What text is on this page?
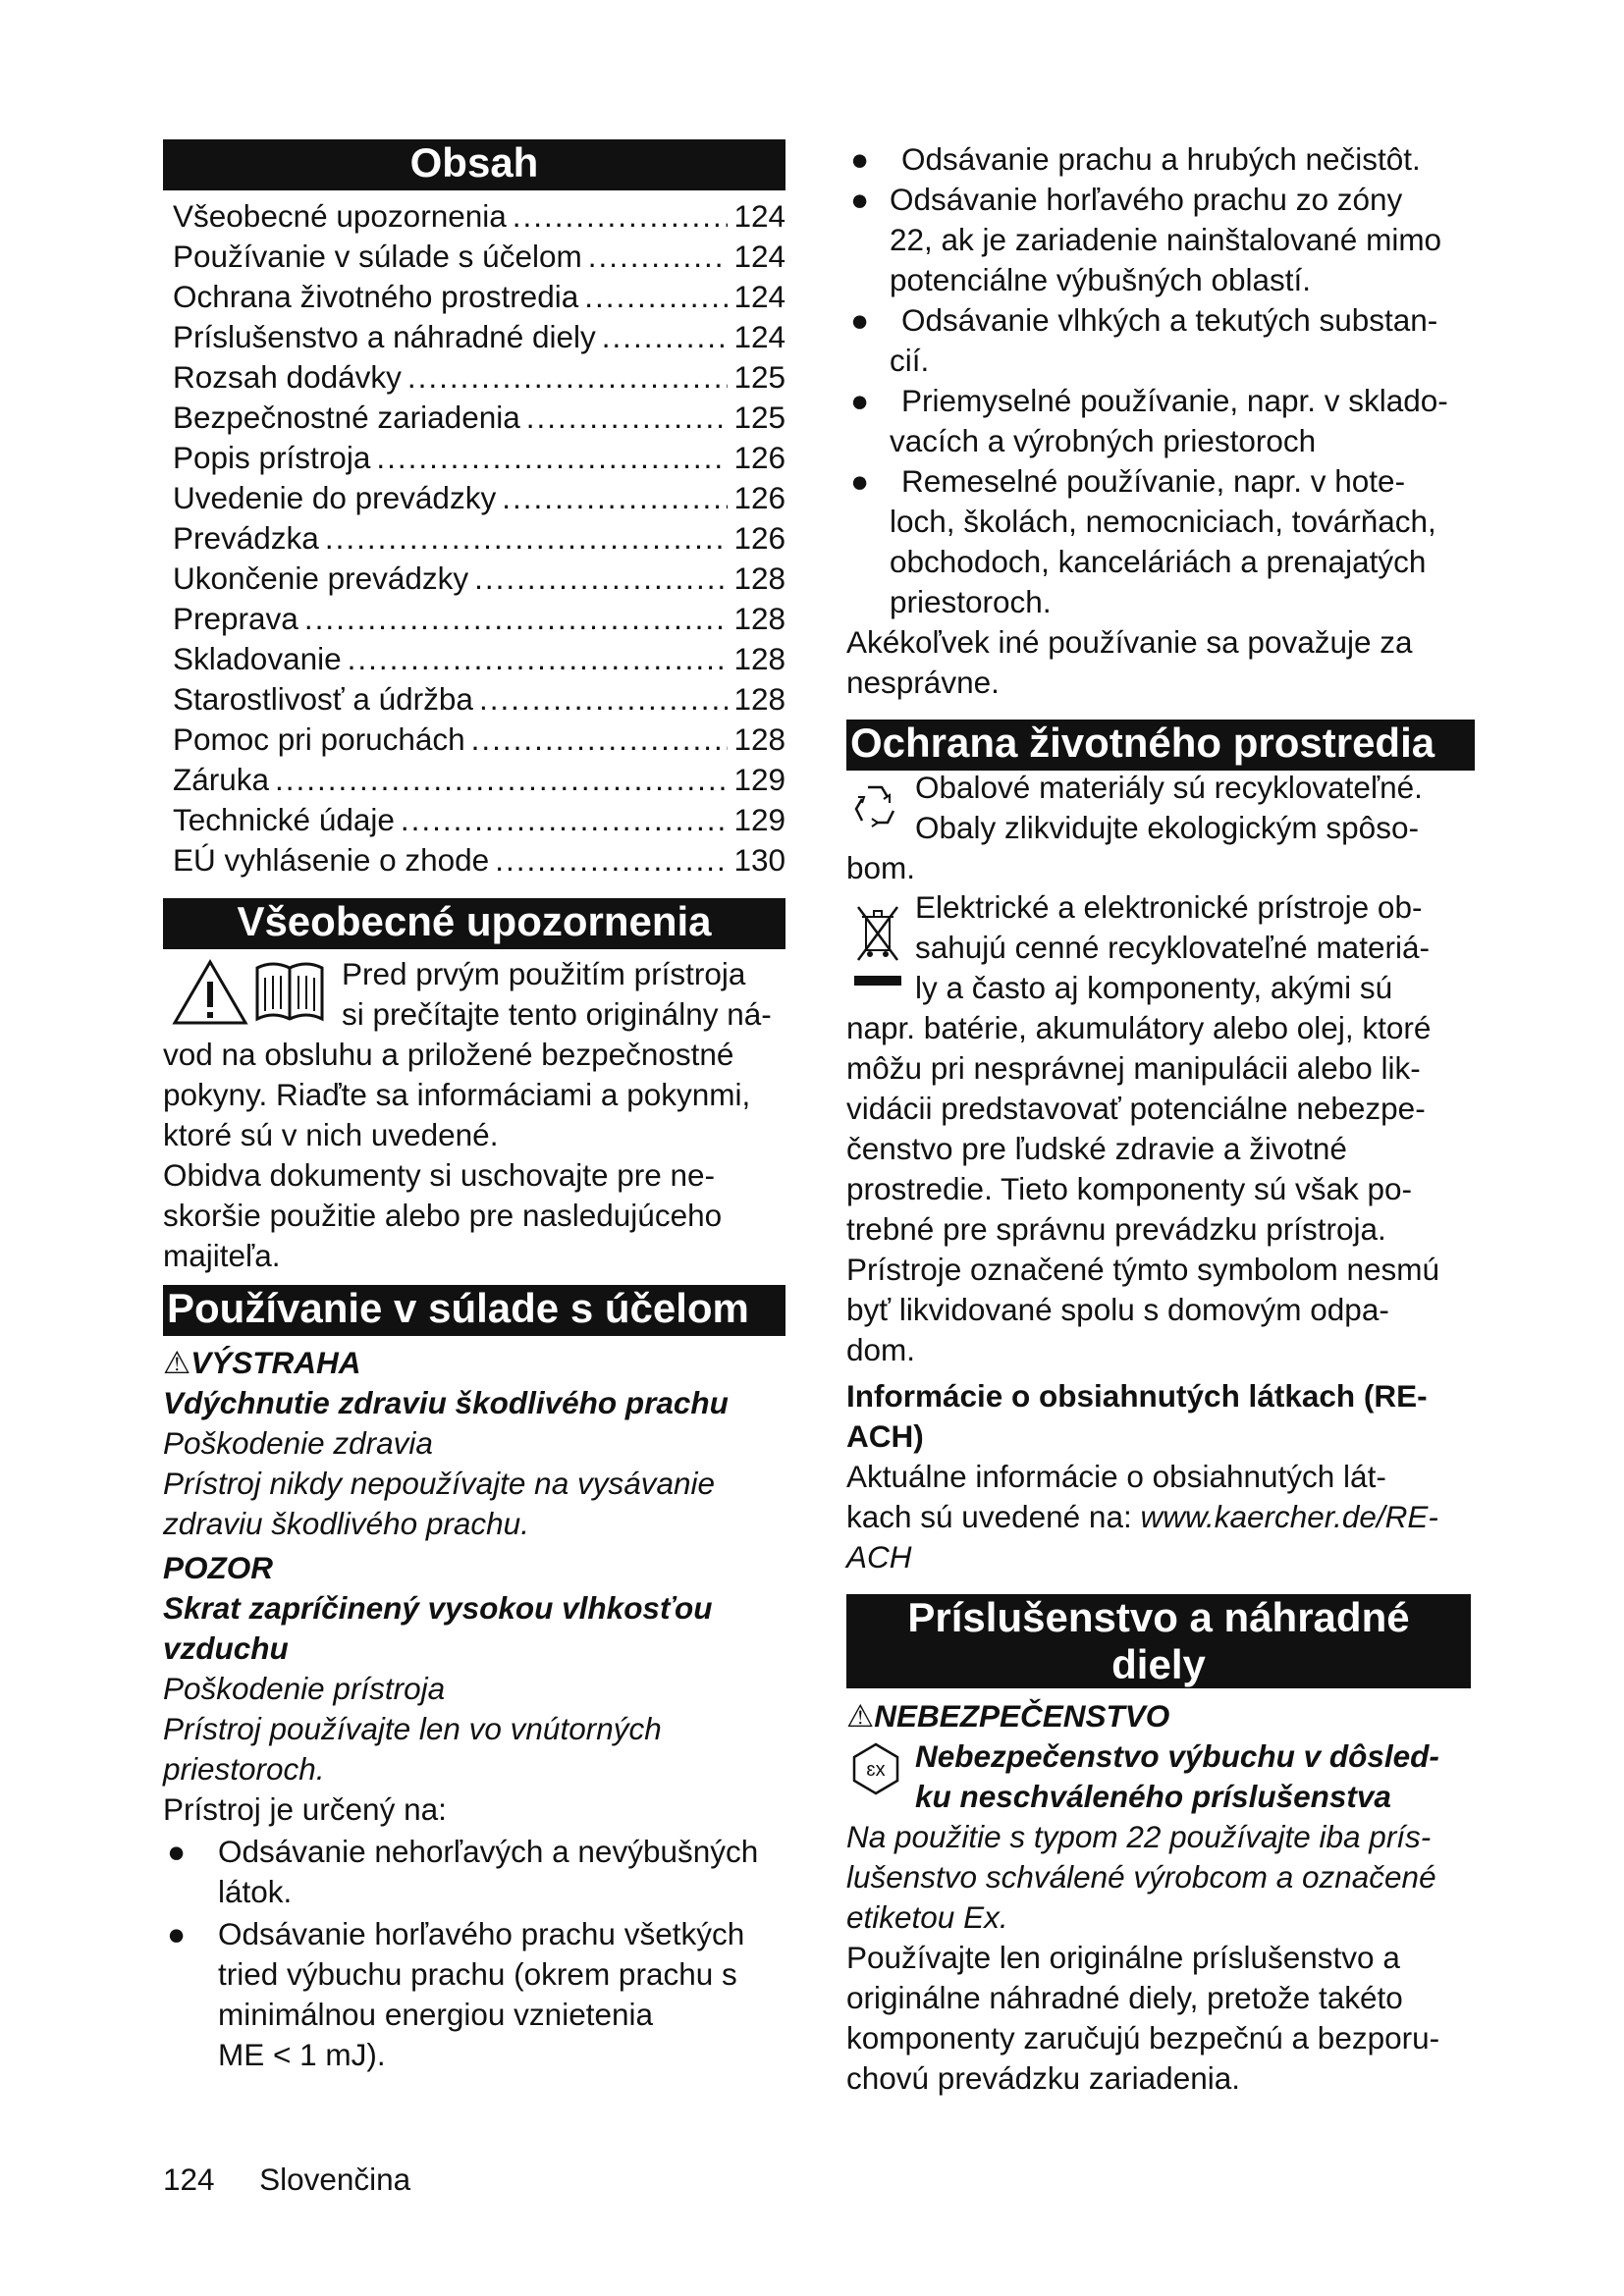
Obsah
Všeobecné upozornenia .....	124
Používanie v súlade s účelom .....	124
Ochrana životného prostredia .....	124
Príslušenstvo a náhradné diely .....	124
Rozsah dodávky .....	125
Bezpečnostné zariadenia .....	125
Popis prístroja .....	126
Uvedenie do prevádzky .....	126
Prevádzka .....	126
Ukončenie prevádzky .....	128
Preprava .....	128
Skladovanie .....	128
Starostlivosť a údržba .....	128
Pomoc pri poruchách .....	128
Záruka .....	129
Technické údaje .....	129
EÚ vyhlásenie o zhode .....	130
Všeobecné upozornenia

Pred prvým použitím prístroja

si prečítajte tento originálny ná-

vod na obsluhu a priložené bezpečnostné

pokyny. Riaďte sa informáciami a pokynmi,

ktoré sú v nich uvedené.

Obidva dokumenty si uschovajte pre ne-

skoršie použitie alebo pre nasledujúceho

majiteľa.

Používanie v súlade s účelom

⚠VÝSTRAHA

Vdýchnutie zdraviu škodlivého prachu

Poškodenie zdravia

Prístroj nikdy nepoužívajte na vysávanie

zdraviu škodlivého prachu.

POZOR

Skrat zapríčinený vysokou vlhkosťou

vzduchu

Poškodenie prístroja

Prístroj používajte len vo vnútorných

priestoroch.

Prístroj je určený na:

● Odsávanie nehorľavých a nevýbušných

látok.

● Odsávanie horľavého prachu všetkých

tried výbuchu prachu (okrem prachu s

minimálnou energiou vznietenia

ME < 1 mJ).

● Odsávanie prachu a hrubých nečistôt.

● Odsávanie horľavého prachu zo zóny

22, ak je zariadenie nainštalované mimo

potenciálne výbušných oblastí.

● Odsávanie vlhkých a tekutých substan-

cií.

● Priemyselné používanie, napr. v sklado-

vacích a výrobných priestoroch

● Remeselné používanie, napr. v hote-

loch, školách, nemocniciach, továrňach,

obchodoch, kanceláriách a prenajatých

priestoroch.

Akékoľvek iné používanie sa považuje za

nesprávne.

Ochrana životného prostredia

Obalové materiály sú recyklovateľné.

Obaly zlikvidujte ekologickým spôso-

bom.

Elektrické a elektronické prístroje ob-

sahujú cenné recyklovateľné materiá-

ly a často aj komponenty, akými sú

napr. batérie, akumulátory alebo olej, ktoré

môžu pri nesprávnej manipulácii alebo lik-

vidácii predstavovať potenciálne nebezpe-

čenstvo pre ľudské zdravie a životné

prostredie. Tieto komponenty sú však po-

trebné pre správnu prevádzku prístroja.

Prístroje označené týmto symbolom nesmú

byť likvidované spolu s domovým odpa-

dom.

Informácie o obsiahnutých látkach (RE-

ACH)

Aktuálne informácie o obsiahnutých lát-

kach sú uvedené na: www.kaercher.de/RE-

ACH

Príslušenstvo a náhradné
diely

⚠NEBEZPEČENSTVO

ɛx Nebezpečenstvo výbuchu v dôsled-

ku neschváleného príslušenstva

Na použitie s typom 22 používajte iba prís-

lušenstvo schválené výrobcom a označené

etiketou Ex.

Používajte len originálne príslušenstvo a

originálne náhradné diely, pretože takéto

komponenty zaručujú bezpečnú a bezporu-

chovú prevádzku zariadenia.

124 Slovenčina
